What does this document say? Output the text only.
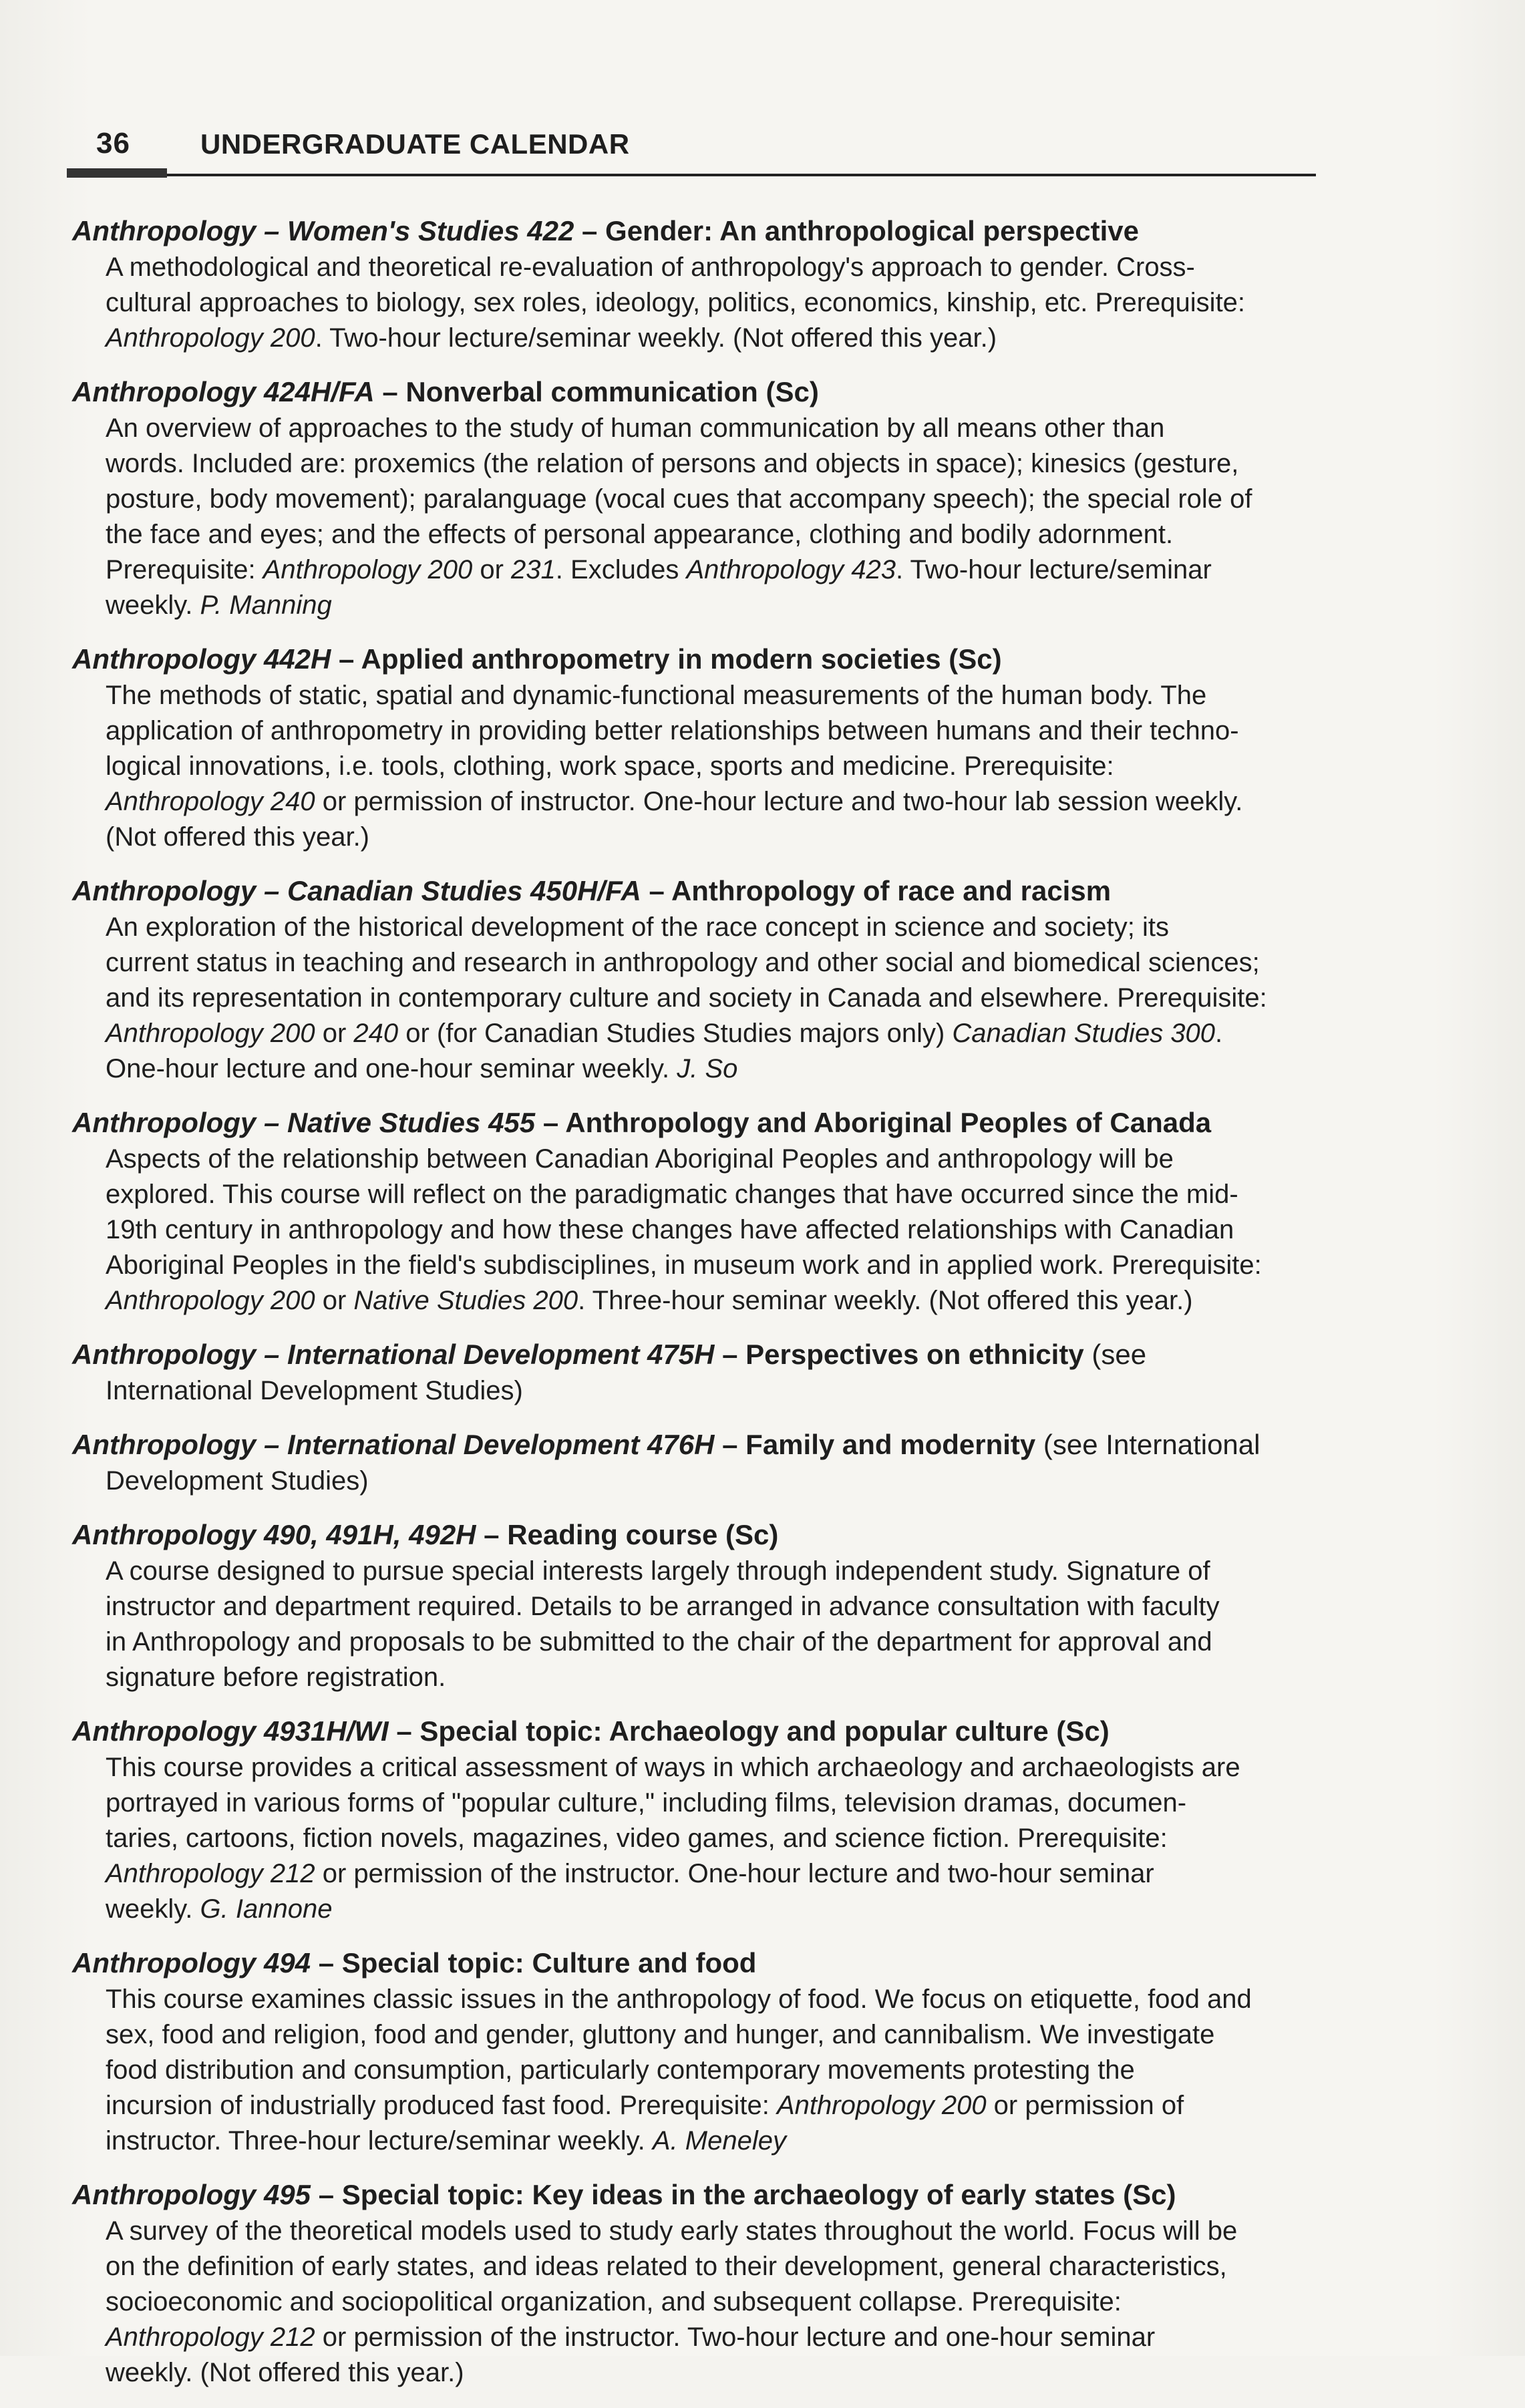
36	UNDERGRADUATE CALENDAR
Anthropology – Women's Studies 422 – Gender: An anthropological perspective
A methodological and theoretical re-evaluation of anthropology's approach to gender. Cross-
cultural approaches to biology, sex roles, ideology, politics, economics, kinship, etc. Prerequisite:
Anthropology 200. Two-hour lecture/seminar weekly. (Not offered this year.)
Anthropology 424H/FA – Nonverbal communication (Sc)
An overview of approaches to the study of human communication by all means other than
words. Included are: proxemics (the relation of persons and objects in space); kinesics (gesture,
posture, body movement); paralanguage (vocal cues that accompany speech); the special role of
the face and eyes; and the effects of personal appearance, clothing and bodily adornment.
Prerequisite: Anthropology 200 or 231. Excludes Anthropology 423. Two-hour lecture/seminar
weekly. P. Manning
Anthropology 442H – Applied anthropometry in modern societies (Sc)
The methods of static, spatial and dynamic-functional measurements of the human body. The
application of anthropometry in providing better relationships between humans and their techno-
logical innovations, i.e. tools, clothing, work space, sports and medicine. Prerequisite:
Anthropology 240 or permission of instructor. One-hour lecture and two-hour lab session weekly.
(Not offered this year.)
Anthropology – Canadian Studies 450H/FA – Anthropology of race and racism
An exploration of the historical development of the race concept in science and society; its
current status in teaching and research in anthropology and other social and biomedical sciences;
and its representation in contemporary culture and society in Canada and elsewhere. Prerequisite:
Anthropology 200 or 240 or (for Canadian Studies Studies majors only) Canadian Studies 300.
One-hour lecture and one-hour seminar weekly. J. So
Anthropology – Native Studies 455 – Anthropology and Aboriginal Peoples of Canada
Aspects of the relationship between Canadian Aboriginal Peoples and anthropology will be
explored. This course will reflect on the paradigmatic changes that have occurred since the mid-
19th century in anthropology and how these changes have affected relationships with Canadian
Aboriginal Peoples in the field's subdisciplines, in museum work and in applied work. Prerequisite:
Anthropology 200 or Native Studies 200. Three-hour seminar weekly. (Not offered this year.)
Anthropology – International Development 475H – Perspectives on ethnicity (see
International Development Studies)
Anthropology – International Development 476H – Family and modernity (see International
Development Studies)
Anthropology 490, 491H, 492H – Reading course (Sc)
A course designed to pursue special interests largely through independent study. Signature of
instructor and department required. Details to be arranged in advance consultation with faculty
in Anthropology and proposals to be submitted to the chair of the department for approval and
signature before registration.
Anthropology 4931H/WI – Special topic: Archaeology and popular culture (Sc)
This course provides a critical assessment of ways in which archaeology and archaeologists are
portrayed in various forms of "popular culture," including films, television dramas, documen-
taries, cartoons, fiction novels, magazines, video games, and science fiction. Prerequisite:
Anthropology 212 or permission of the instructor. One-hour lecture and two-hour seminar
weekly. G. Iannone
Anthropology 494 – Special topic: Culture and food
This course examines classic issues in the anthropology of food. We focus on etiquette, food and
sex, food and religion, food and gender, gluttony and hunger, and cannibalism. We investigate
food distribution and consumption, particularly contemporary movements protesting the
incursion of industrially produced fast food. Prerequisite: Anthropology 200 or permission of
instructor. Three-hour lecture/seminar weekly. A. Meneley
Anthropology 495 – Special topic: Key ideas in the archaeology of early states (Sc)
A survey of the theoretical models used to study early states throughout the world. Focus will be
on the definition of early states, and ideas related to their development, general characteristics,
socioeconomic and sociopolitical organization, and subsequent collapse. Prerequisite:
Anthropology 212 or permission of the instructor. Two-hour lecture and one-hour seminar
weekly. (Not offered this year.)
